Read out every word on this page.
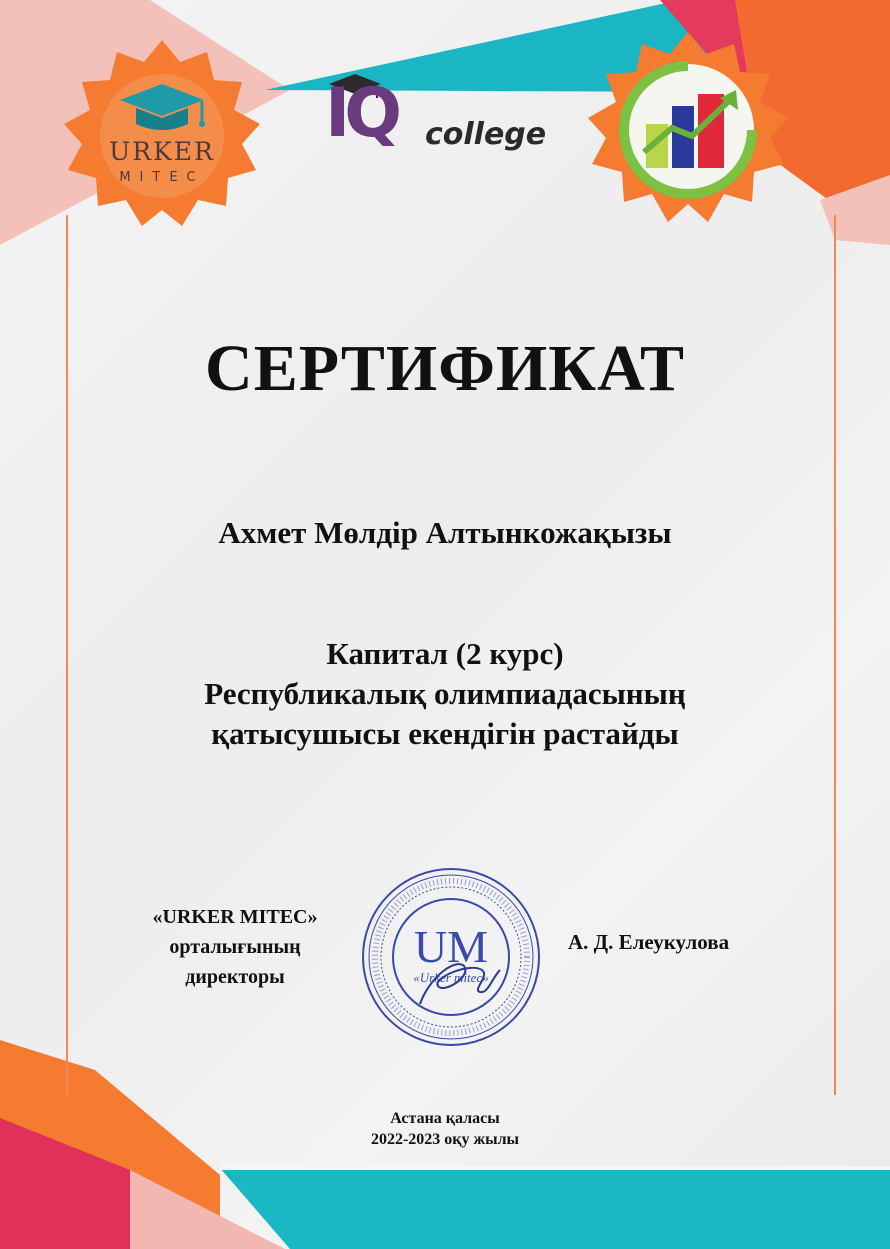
URKER
MITEC
IQ college
СЕРТИФИКАТ
Ахмет Мөлдір Алтынкожақызы
Капитал (2 курс)
Республикалық олимпиадасының
қатысушысы екендігін растайды
«URKER MITEC»
орталығының
директоры
UM
«Urker mitec»
А. Д. Елеукулова
Астана қаласы
2022-2023 оқу жылы
